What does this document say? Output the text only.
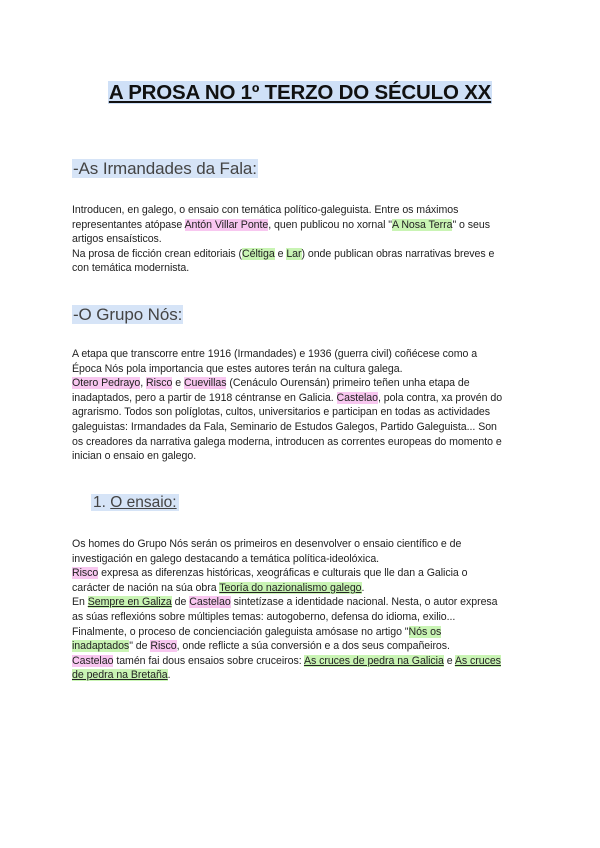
A PROSA NO 1º TERZO DO SÉCULO XX
-As Irmandades da Fala:
Introducen, en galego, o ensaio con temática político-galeguista. Entre os máximos
representantes atópase Antón Villar Ponte, quen publicou no xornal "A Nosa Terra" o seus
artigos ensaísticos.
Na prosa de ficción crean editoriais (Céltiga e Lar) onde publican obras narrativas breves e
con temática modernista.
-O Grupo Nós:
A etapa que transcorre entre 1916 (Irmandades) e 1936 (guerra civil) coñécese como a
Época Nós pola importancia que estes autores terán na cultura galega.
Otero Pedrayo, Risco e Cuevillas (Cenáculo Ourensán) primeiro teñen unha etapa de
inadaptados, pero a partir de 1918 céntranse en Galicia. Castelao, pola contra, xa provén do
agrarismo. Todos son políglotas, cultos, universitarios e participan en todas as actividades
galeguistas: Irmandades da Fala, Seminario de Estudos Galegos, Partido Galeguista... Son
os creadores da narrativa galega moderna, introducen as correntes europeas do momento e
inician o ensaio en galego.
1. O ensaio:
Os homes do Grupo Nós serán os primeiros en desenvolver o ensaio científico e de
investigación en galego destacando a temática política-ideolóxica.
Risco expresa as diferenzas históricas, xeográficas e culturais que lle dan a Galicia o
carácter de nación na súa obra Teoría do nazionalismo galego.
En Sempre en Galiza de Castelao sintetízase a identidade nacional. Nesta, o autor expresa
as súas reflexións sobre múltiples temas: autogoberno, defensa do idioma, exilio...
Finalmente, o proceso de concienciación galeguista amósase no artigo "Nós os
inadaptados" de Risco, onde reflicte a súa conversión e a dos seus compañeiros.
Castelao tamén fai dous ensaios sobre cruceiros: As cruces de pedra na Galicia e As cruces
de pedra na Bretaña.
